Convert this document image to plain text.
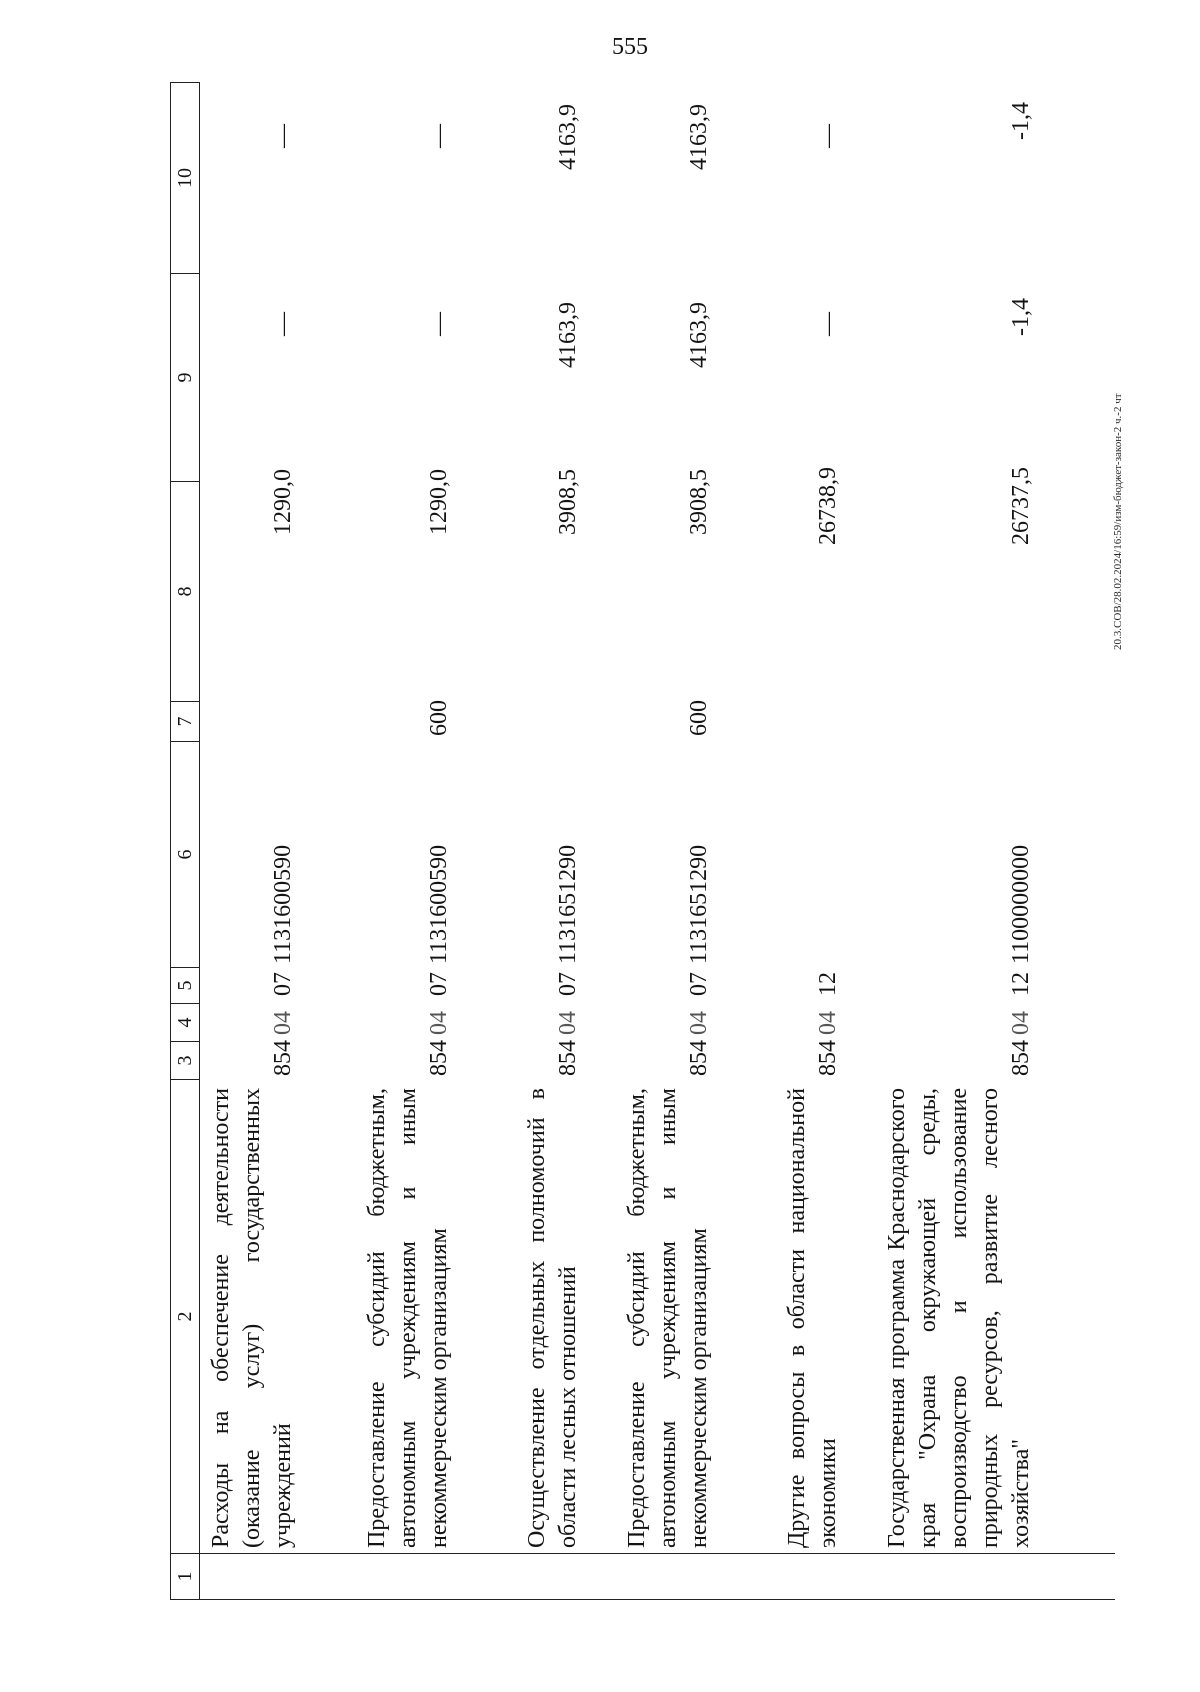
555
20.3.СОВ/28.02.2024/16:59/изм-бюджет-закон-2 ч.-2 чт
1
2
3
4
5
6
7
8
9
10
Расходы на обеспечение деятельности (оказание услуг) государственных учреждений
854
04
07
1131600590
1290,0
—
—
Предоставление субсидий бюджетным, автономным учреждениям и иным некоммерческим организациям
854
04
07
1131600590
600
1290,0
—
—
Осуществление отдельных полномочий в области лесных отношений
854
04
07
1131651290
3908,5
4163,9
4163,9
Предоставление субсидий бюджетным, автономным учреждениям и иным некоммерческим организациям
854
04
07
1131651290
600
3908,5
4163,9
4163,9
Другие вопросы в области национальной экономики
854
04
12
26738,9
—
—
Государственная программа Краснодарского края "Охрана окружающей среды, воспроизводство и использование природных ресурсов, развитие лесного хозяйства"
854
04
12
1100000000
26737,5
-1,4
-1,4
